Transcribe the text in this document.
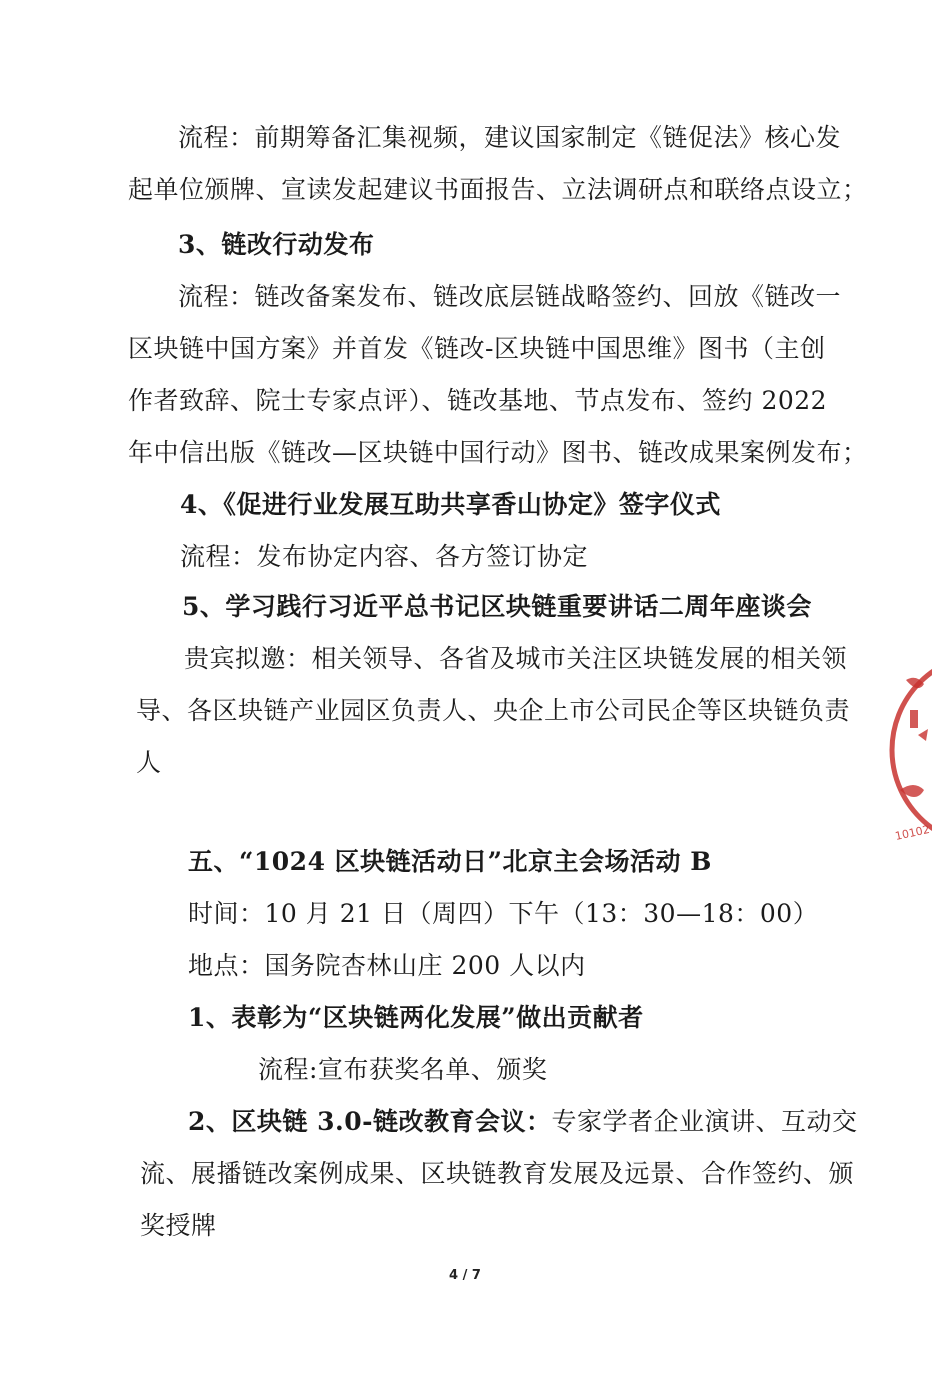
流程：前期筹备汇集视频，建议国家制定《链促法》核心发
起单位颁牌、宣读发起建议书面报告、立法调研点和联络点设立；
3、链改行动发布
流程：链改备案发布、链改底层链战略签约、回放《链改一
区块链中国方案》并首发《链改-区块链中国思维》图书（主创
作者致辞、院士专家点评）、链改基地、节点发布、签约 2022
年中信出版《链改—区块链中国行动》图书、链改成果案例发布；
4、《促进行业发展互助共享香山协定》签字仪式
流程：发布协定内容、各方签订协定
5、学习践行习近平总书记区块链重要讲话二周年座谈会
贵宾拟邀：相关领导、各省及城市关注区块链发展的相关领
导、各区块链产业园区负责人、央企上市公司民企等区块链负责
人
五、“1024 区块链活动日”北京主会场活动 B
时间：10 月 21 日（周四）下午（13：30—18：00）
地点：国务院杏林山庄 200 人以内
1、表彰为“区块链两化发展”做出贡献者
流程:宣布获奖名单、颁奖
2、区块链 3.0-链改教育会议：专家学者企业演讲、互动交
流、展播链改案例成果、区块链教育发展及远景、合作签约、颁
奖授牌
4 / 7
10102
